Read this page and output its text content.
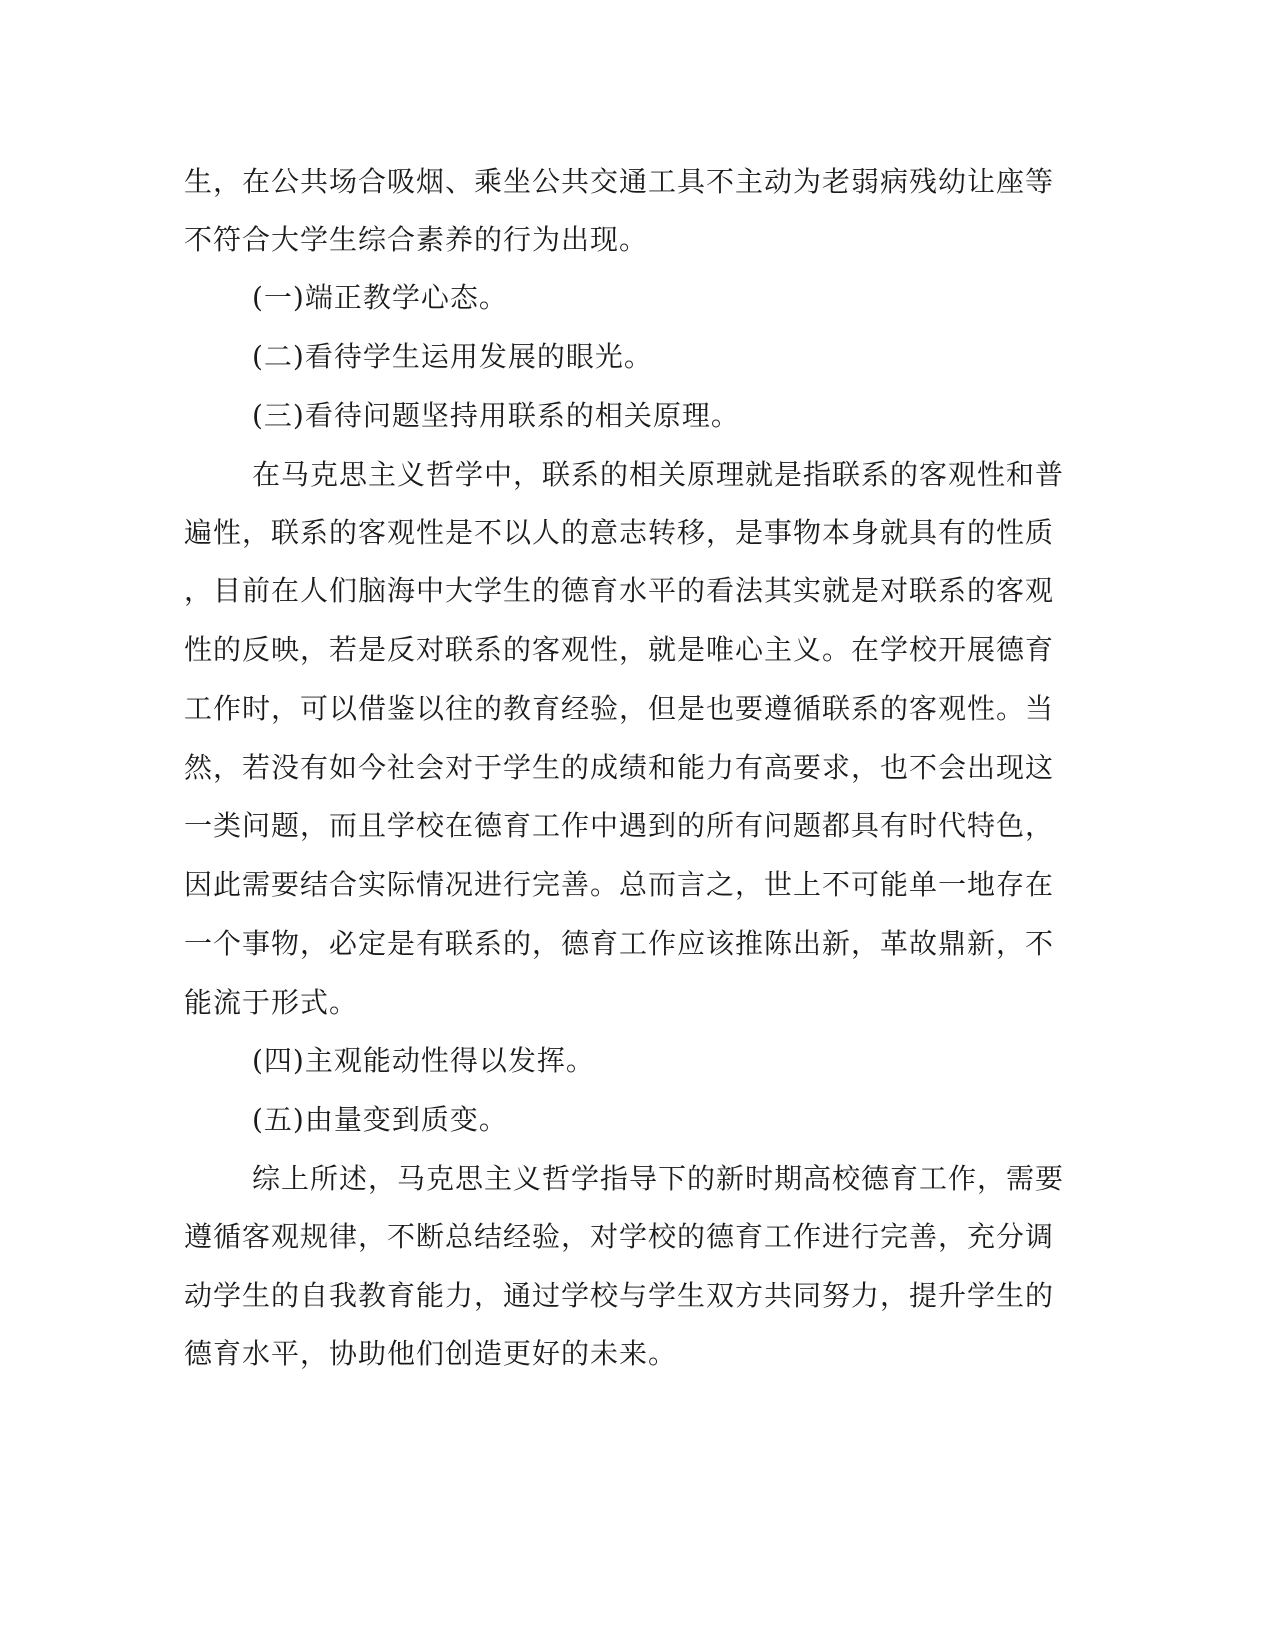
生，在公共场合吸烟、乘坐公共交通工具不主动为老弱病残幼让座等
不符合大学生综合素养的行为出现。
(一)端正教学心态。
(二)看待学生运用发展的眼光。
(三)看待问题坚持用联系的相关原理。
在马克思主义哲学中，联系的相关原理就是指联系的客观性和普
遍性，联系的客观性是不以人的意志转移，是事物本身就具有的性质
，目前在人们脑海中大学生的德育水平的看法其实就是对联系的客观
性的反映，若是反对联系的客观性，就是唯心主义。在学校开展德育
工作时，可以借鉴以往的教育经验，但是也要遵循联系的客观性。当
然，若没有如今社会对于学生的成绩和能力有高要求，也不会出现这
一类问题，而且学校在德育工作中遇到的所有问题都具有时代特色，
因此需要结合实际情况进行完善。总而言之，世上不可能单一地存在
一个事物，必定是有联系的，德育工作应该推陈出新，革故鼎新，不
能流于形式。
(四)主观能动性得以发挥。
(五)由量变到质变。
综上所述，马克思主义哲学指导下的新时期高校德育工作，需要
遵循客观规律，不断总结经验，对学校的德育工作进行完善，充分调
动学生的自我教育能力，通过学校与学生双方共同努力，提升学生的
德育水平，协助他们创造更好的未来。
